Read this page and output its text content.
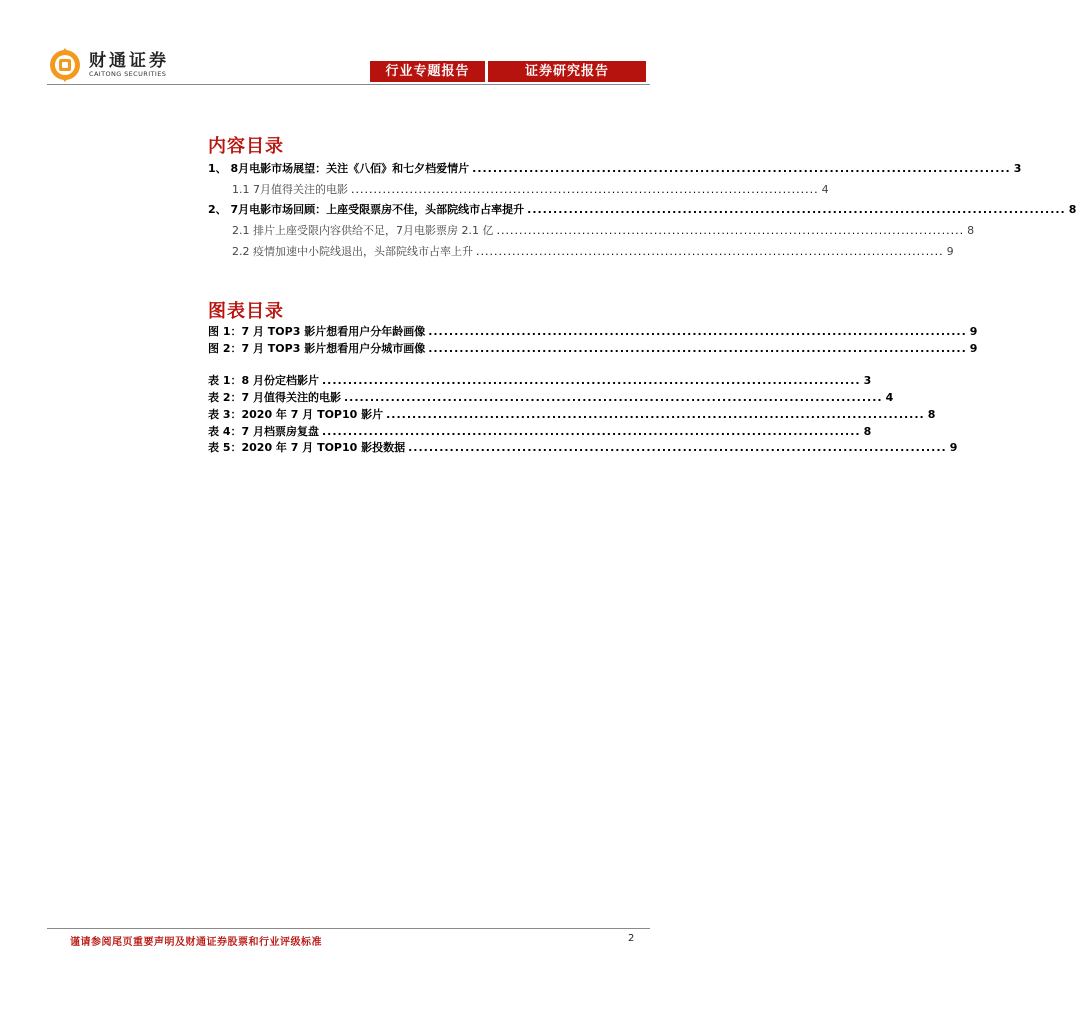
财通证券
CAITONG SECURITIES	行业专题报告	证券研究报告
内容目录
1、 8月电影市场展望：关注《八佰》和七夕档爱情片 ........................................................................................................ 3
1.1 7月值得关注的电影 ........................................................................................................ 4
2、 7月电影市场回顾：上座受限票房不佳，头部院线市占率提升 ........................................................................................................ 8
2.1 排片上座受限内容供给不足，7月电影票房 2.1 亿 ........................................................................................................ 8
2.2 疫情加速中小院线退出，头部院线市占率上升 ........................................................................................................ 9
图表目录
图 1：7 月 TOP3 影片想看用户分年龄画像 ........................................................................................................ 9
图 2：7 月 TOP3 影片想看用户分城市画像 ........................................................................................................ 9
表 1：8 月份定档影片 ........................................................................................................ 3
表 2：7 月值得关注的电影 ........................................................................................................ 4
表 3：2020 年 7 月 TOP10 影片 ........................................................................................................ 8
表 4：7 月档票房复盘 ........................................................................................................ 8
表 5：2020 年 7 月 TOP10 影投数据 ........................................................................................................ 9
谨请参阅尾页重要声明及财通证券股票和行业评级标准	2
